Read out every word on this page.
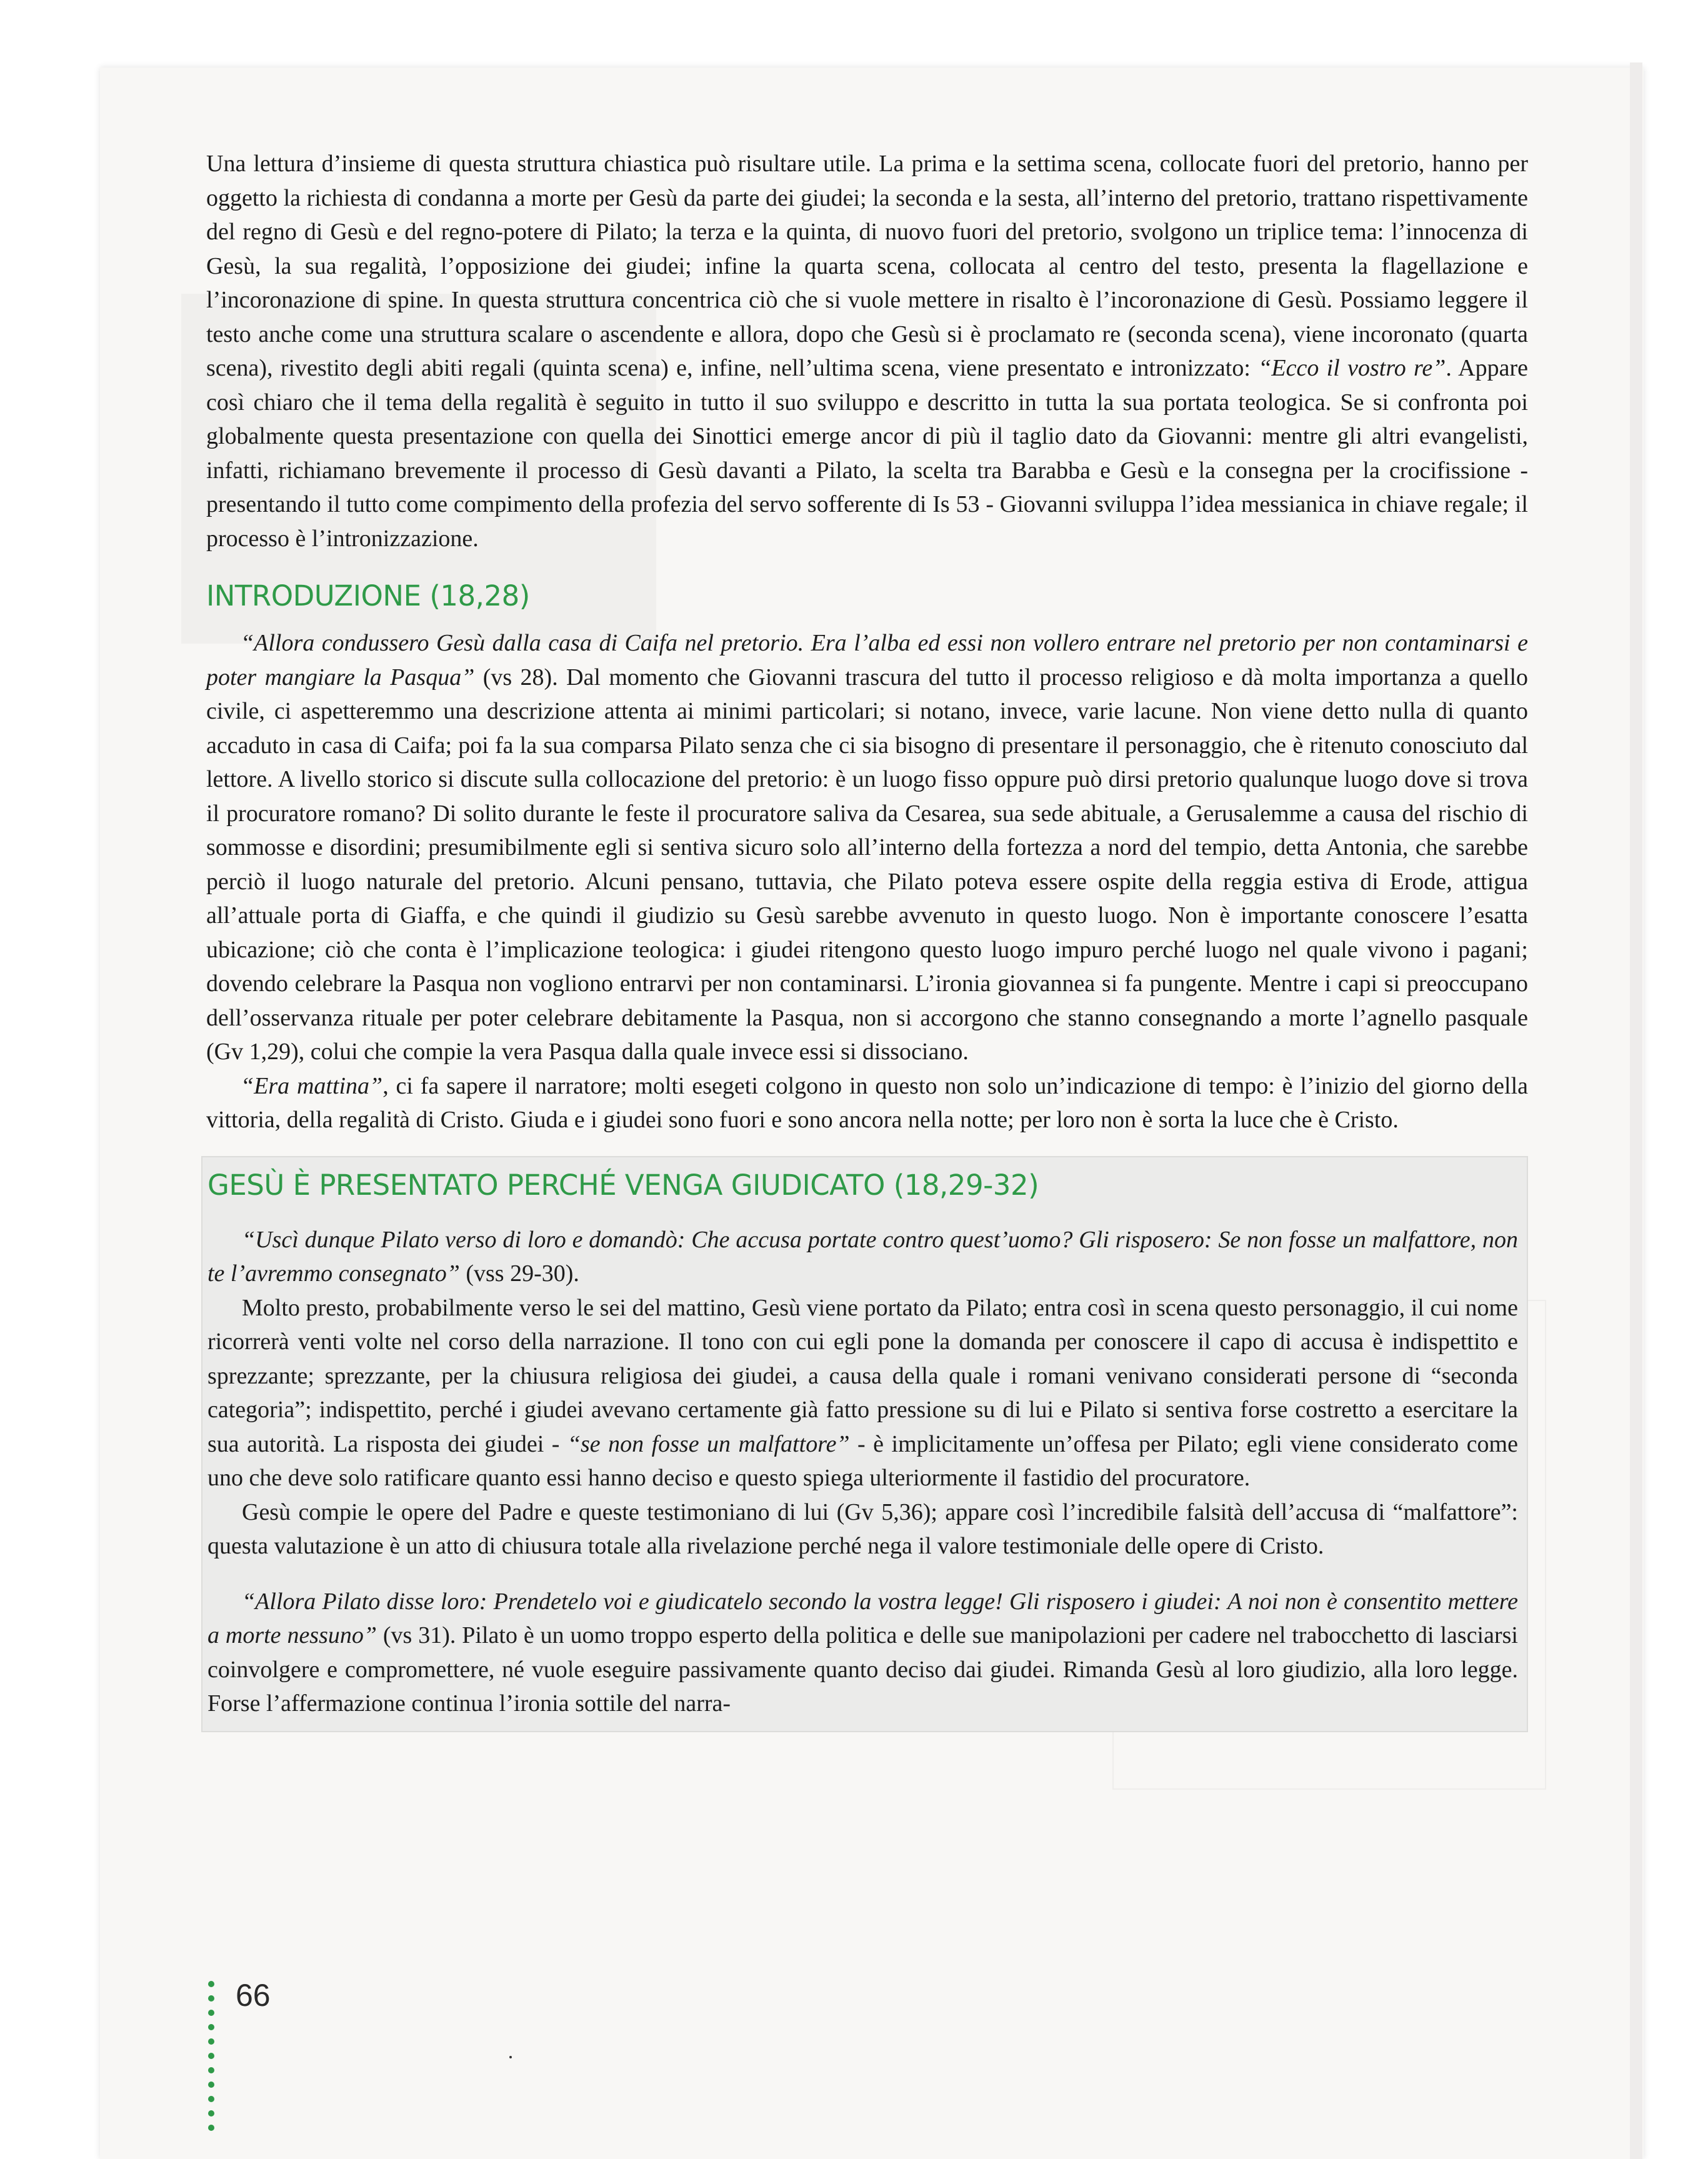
Una lettura d’insieme di questa struttura chiastica può risultare utile. La prima e la settima scena, collocate fuori del pretorio, hanno per oggetto la richiesta di condanna a morte per Gesù da parte dei giudei; la seconda e la sesta, all’interno del pretorio, trattano rispettivamente del regno di Gesù e del regno-potere di Pilato; la terza e la quinta, di nuovo fuori del pretorio, svolgono un triplice tema: l’innocenza di Gesù, la sua regalità, l’opposizione dei giudei; infine la quarta scena, collocata al centro del testo, presenta la flagellazione e l’incoronazione di spine. In questa struttura concentrica ciò che si vuole mettere in risalto è l’incoronazione di Gesù. Possiamo leggere il testo anche come una struttura scalare o ascendente e allora, dopo che Gesù si è proclamato re (seconda scena), viene incoronato (quarta scena), rivestito degli abiti regali (quinta scena) e, infine, nell’ultima scena, viene presentato e intronizzato: “Ecco il vostro re”. Appare così chiaro che il tema della regalità è seguito in tutto il suo sviluppo e descritto in tutta la sua portata teologica. Se si confronta poi globalmente questa presentazione con quella dei Sinottici emerge ancor di più il taglio dato da Giovanni: mentre gli altri evangelisti, infatti, richiamano brevemente il processo di Gesù davanti a Pilato, la scelta tra Barabba e Gesù e la consegna per la crocifissione - presentando il tutto come compimento della profezia del servo sofferente di Is 53 - Giovanni sviluppa l’idea messianica in chiave regale; il processo è l’intronizzazione.

INTRODUZIONE (18,28)

“Allora condussero Gesù dalla casa di Caifa nel pretorio. Era l’alba ed essi non vollero entrare nel pretorio per non contaminarsi e poter mangiare la Pasqua” (vs 28). Dal momento che Giovanni trascura del tutto il processo religioso e dà molta importanza a quello civile, ci aspetteremmo una descrizione attenta ai minimi particolari; si notano, invece, varie lacune. Non viene detto nulla di quanto accaduto in casa di Caifa; poi fa la sua comparsa Pilato senza che ci sia bisogno di presentare il personaggio, che è ritenuto conosciuto dal lettore. A livello storico si discute sulla collocazione del pretorio: è un luogo fisso oppure può dirsi pretorio qualunque luogo dove si trova il procuratore romano? Di solito durante le feste il procuratore saliva da Cesarea, sua sede abituale, a Gerusalemme a causa del rischio di sommosse e disordini; presumibilmente egli si sentiva sicuro solo all’interno della fortezza a nord del tempio, detta Antonia, che sarebbe perciò il luogo naturale del pretorio. Alcuni pensano, tuttavia, che Pilato poteva essere ospite della reggia estiva di Erode, attigua all’attuale porta di Giaffa, e che quindi il giudizio su Gesù sarebbe avvenuto in questo luogo. Non è importante conoscere l’esatta ubicazione; ciò che conta è l’implicazione teologica: i giudei ritengono questo luogo impuro perché luogo nel quale vivono i pagani; dovendo celebrare la Pasqua non vogliono entrarvi per non contaminarsi. L’ironia giovannea si fa pungente. Mentre i capi si preoccupano dell’osservanza rituale per poter celebrare debitamente la Pasqua, non si accorgono che stanno consegnando a morte l’agnello pasquale (Gv 1,29), colui che compie la vera Pasqua dalla quale invece essi si dissociano.

“Era mattina”, ci fa sapere il narratore; molti esegeti colgono in questo non solo un’indicazione di tempo: è l’inizio del giorno della vittoria, della regalità di Cristo. Giuda e i giudei sono fuori e sono ancora nella notte; per loro non è sorta la luce che è Cristo.

GESÙ È PRESENTATO PERCHÉ VENGA GIUDICATO (18,29-32)

“Uscì dunque Pilato verso di loro e domandò: Che accusa portate contro quest’uomo? Gli risposero: Se non fosse un malfattore, non te l’avremmo consegnato” (vss 29-30).

Molto presto, probabilmente verso le sei del mattino, Gesù viene portato da Pilato; entra così in scena questo personaggio, il cui nome ricorrerà venti volte nel corso della narrazione. Il tono con cui egli pone la domanda per conoscere il capo di accusa è indispettito e sprezzante; sprezzante, per la chiusura religiosa dei giudei, a causa della quale i romani venivano considerati persone di “seconda categoria”; indispettito, perché i giudei avevano certamente già fatto pressione su di lui e Pilato si sentiva forse costretto a esercitare la sua autorità. La risposta dei giudei - “se non fosse un malfattore” - è implicitamente un’offesa per Pilato; egli viene considerato come uno che deve solo ratificare quanto essi hanno deciso e questo spiega ulteriormente il fastidio del procuratore.

Gesù compie le opere del Padre e queste testimoniano di lui (Gv 5,36); appare così l’incredibile falsità dell’accusa di “malfattore”: questa valutazione è un atto di chiusura totale alla rivelazione perché nega il valore testimoniale delle opere di Cristo.

“Allora Pilato disse loro: Prendetelo voi e giudicatelo secondo la vostra legge! Gli risposero i giudei: A noi non è consentito mettere a morte nessuno” (vs 31). Pilato è un uomo troppo esperto della politica e delle sue manipolazioni per cadere nel trabocchetto di lasciarsi coinvolgere e compromettere, né vuole eseguire passivamente quanto deciso dai giudei. Rimanda Gesù al loro giudizio, alla loro legge. Forse l’affermazione continua l’ironia sottile del narra-

66
